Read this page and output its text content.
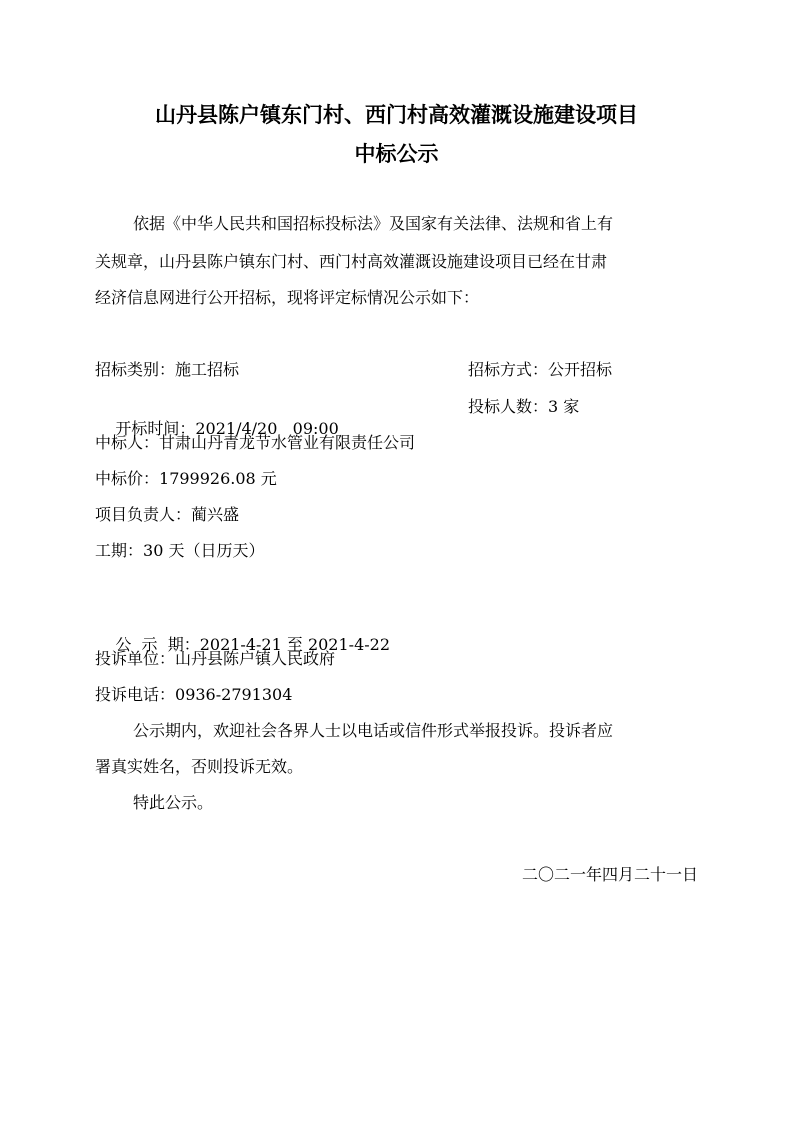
山丹县陈户镇东门村、西门村高效灌溉设施建设项目
中标公示
依据《中华人民共和国招标投标法》及国家有关法律、法规和省上有
关规章，山丹县陈户镇东门村、西门村高效灌溉设施建设项目已经在甘肃
经济信息网进行公开招标，现将评定标情况公示如下：
招标类别：施工招标	招标方式：公开招标

开标时间：2021/4/20   09:00

投标人数：3 家
中标人：甘肃山丹青龙节水管业有限责任公司
中标价：1799926.08 元
项目负责人：蔺兴盛
工期：30 天（日历天）

公  示  期：2021-4-21 至 2021-4-22

投诉单位：山丹县陈户镇人民政府
投诉电话：0936-2791304
公示期内，欢迎社会各界人士以电话或信件形式举报投诉。投诉者应
署真实姓名，否则投诉无效。
特此公示。
二〇二一年四月二十一日
